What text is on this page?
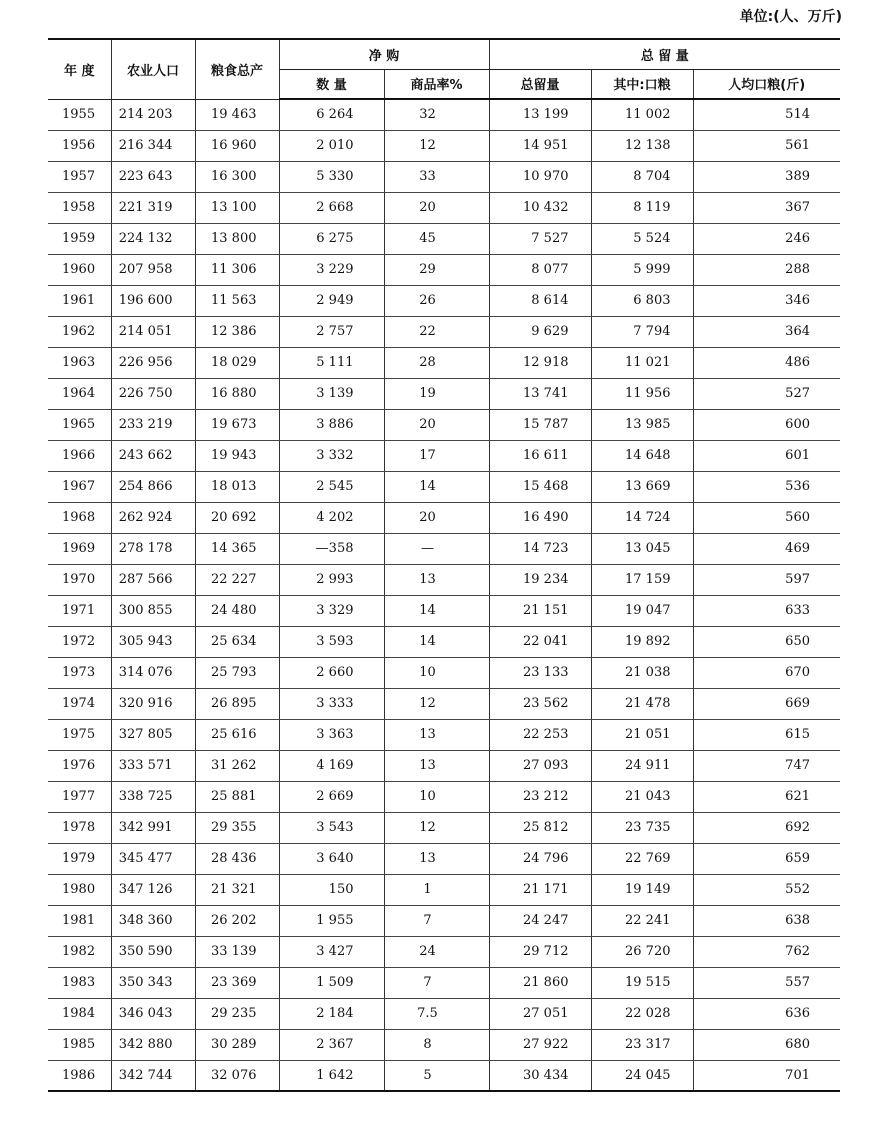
单位:(人、万斤)
年 度	农业人口	粮食总产	净 购		总 留 量		
			数 量	商品率%	总留量	其中:口粮	人均口粮(斤)
1955	214 203	19 463	6 264	32	13 199	11 002	514
1956	216 344	16 960	2 010	12	14 951	12 138	561
1957	223 643	16 300	5 330	33	10 970	8 704	389
1958	221 319	13 100	2 668	20	10 432	8 119	367
1959	224 132	13 800	6 275	45	7 527	5 524	246
1960	207 958	11 306	3 229	29	8 077	5 999	288
1961	196 600	11 563	2 949	26	8 614	6 803	346
1962	214 051	12 386	2 757	22	9 629	7 794	364
1963	226 956	18 029	5 111	28	12 918	11 021	486
1964	226 750	16 880	3 139	19	13 741	11 956	527
1965	233 219	19 673	3 886	20	15 787	13 985	600
1966	243 662	19 943	3 332	17	16 611	14 648	601
1967	254 866	18 013	2 545	14	15 468	13 669	536
1968	262 924	20 692	4 202	20	16 490	14 724	560
1969	278 178	14 365	—358	—	14 723	13 045	469
1970	287 566	22 227	2 993	13	19 234	17 159	597
1971	300 855	24 480	3 329	14	21 151	19 047	633
1972	305 943	25 634	3 593	14	22 041	19 892	650
1973	314 076	25 793	2 660	10	23 133	21 038	670
1974	320 916	26 895	3 333	12	23 562	21 478	669
1975	327 805	25 616	3 363	13	22 253	21 051	615
1976	333 571	31 262	4 169	13	27 093	24 911	747
1977	338 725	25 881	2 669	10	23 212	21 043	621
1978	342 991	29 355	3 543	12	25 812	23 735	692
1979	345 477	28 436	3 640	13	24 796	22 769	659
1980	347 126	21 321	150	1	21 171	19 149	552
1981	348 360	26 202	1 955	7	24 247	22 241	638
1982	350 590	33 139	3 427	24	29 712	26 720	762
1983	350 343	23 369	1 509	7	21 860	19 515	557
1984	346 043	29 235	2 184	7.5	27 051	22 028	636
1985	342 880	30 289	2 367	8	27 922	23 317	680
1986	342 744	32 076	1 642	5	30 434	24 045	701
